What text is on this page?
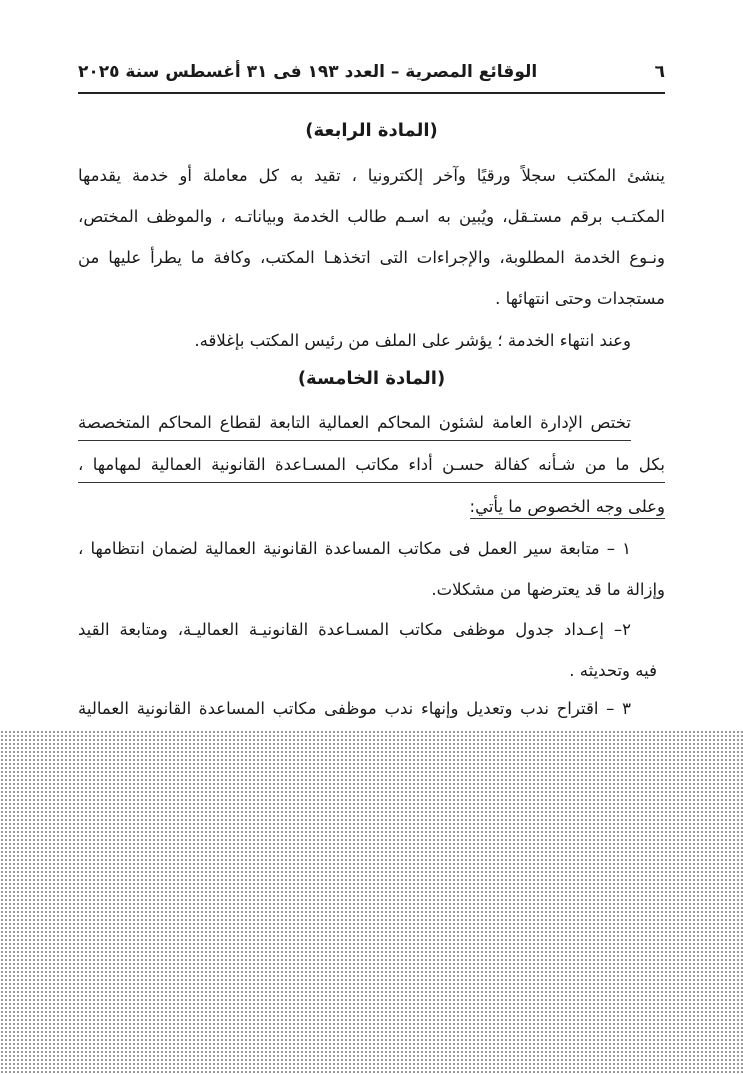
٦
الوقائع المصرية – العدد ١٩٣ فى ٣١ أغسطس سنة ٢٠٢٥
(المادة الرابعة)
ينشئ المكتب سجلاً ورقيًا وآخر إلكترونيا ، تقيد به كل معاملة أو خدمة يقدمها
المكتـب برقم مستـقل، ويُبين به اسـم طالب الخدمة وبياناتـه ، والموظف المختص،
ونـوع الخدمة المطلوبة، والإجراءات التى اتخذهـا المكتب، وكافة ما يطرأ عليها من
مستجدات وحتى انتهائها .
وعند انتهاء الخدمة ؛ يؤشر على الملف من رئيس المكتب بإغلاقه.
(المادة الخامسة)
تختص الإدارة العامة لشئون المحاكم العمالية التابعة لقطاع المحاكم المتخصصة
بكل ما من شـأنه كفالة حسـن أداء مكاتب المسـاعدة القانونية العمالية لمهامها ،
وعلى وجه الخصوص ما يأتي:
١ – متابعة سير العمل فى مكاتب المساعدة القانونية العمالية لضمان انتظامها ،
وإزالة ما قد يعترضها من مشكلات.
٢– إعـداد جدول موظفى مكاتب المسـاعدة القانونيـة العماليـة، ومتابعة القيد
فيه وتحديثه .
٣ – اقتراح ندب وتعديل وإنهاء ندب موظفى مكاتب المساعدة القانونية العمالية
